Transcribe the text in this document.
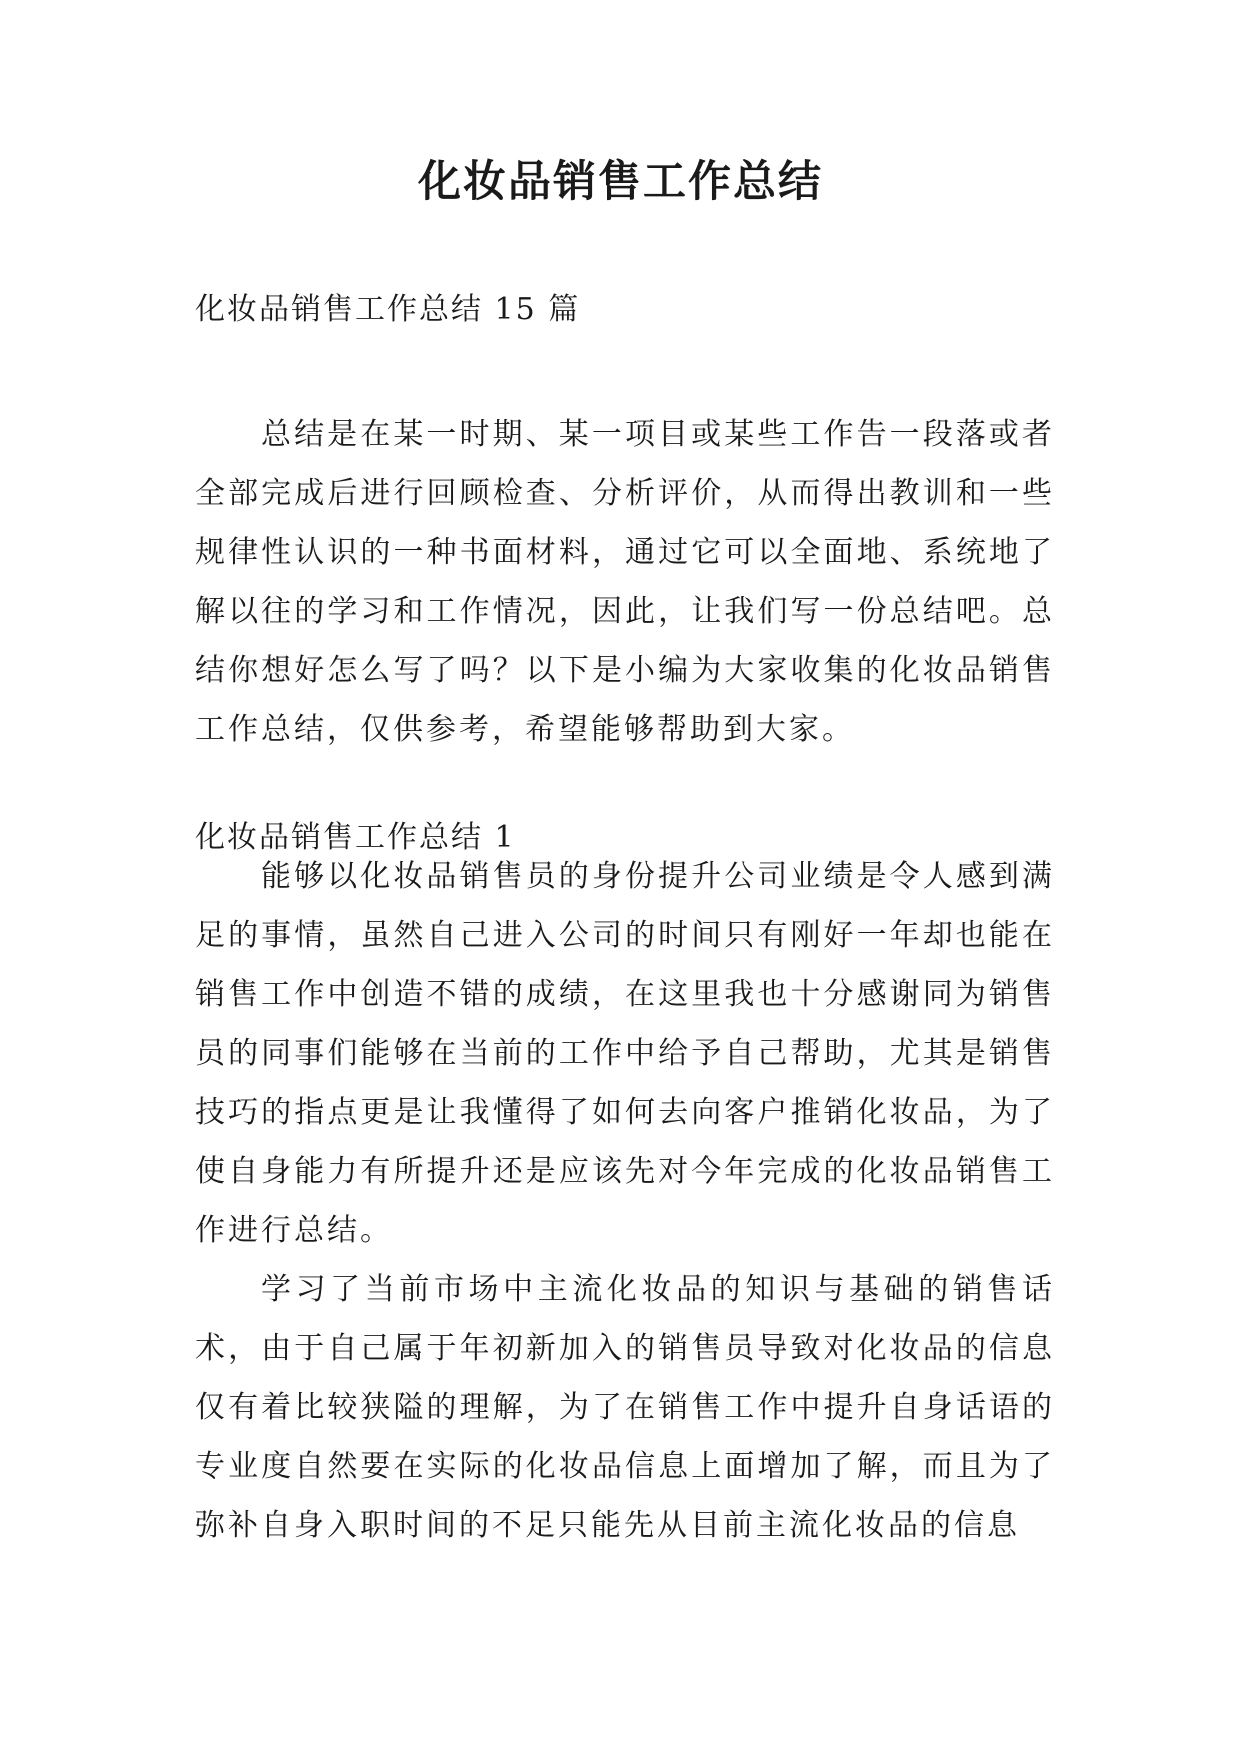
化妆品销售工作总结

化妆品销售工作总结 15 篇

总结是在某一时期、某一项目或某些工作告一段落或者全部完成后进行回顾检查、分析评价，从而得出教训和一些规律性认识的一种书面材料，通过它可以全面地、系统地了解以往的学习和工作情况，因此，让我们写一份总结吧。总结你想好怎么写了吗？以下是小编为大家收集的化妆品销售工作总结，仅供参考，希望能够帮助到大家。

化妆品销售工作总结 1

能够以化妆品销售员的身份提升公司业绩是令人感到满足的事情，虽然自己进入公司的时间只有刚好一年却也能在销售工作中创造不错的成绩，在这里我也十分感谢同为销售员的同事们能够在当前的工作中给予自己帮助，尤其是销售技巧的指点更是让我懂得了如何去向客户推销化妆品，为了使自身能力有所提升还是应该先对今年完成的化妆品销售工作进行总结。

学习了当前市场中主流化妆品的知识与基础的销售话术，由于自己属于年初新加入的销售员导致对化妆品的信息仅有着比较狭隘的理解，为了在销售工作中提升自身话语的专业度自然要在实际的化妆品信息上面增加了解，而且为了弥补自身入职时间的不足只能先从目前主流化妆品的信息
